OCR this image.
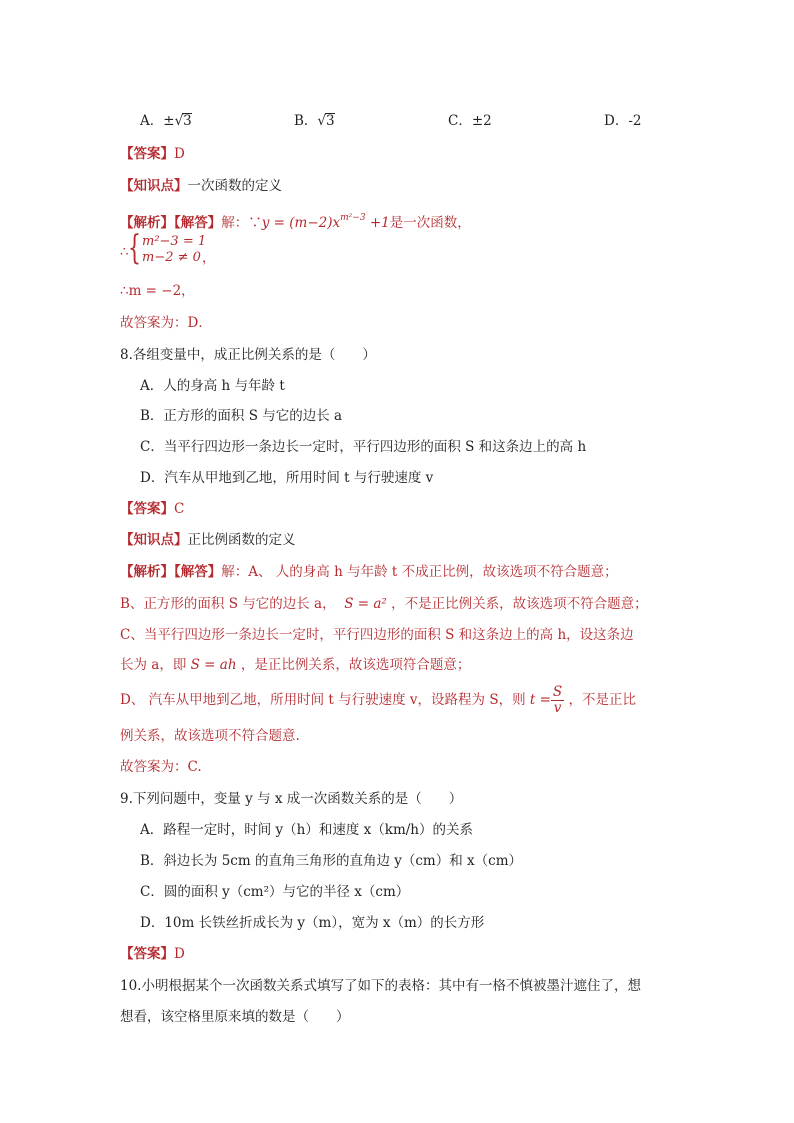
A．±√3	B．√3	C．±2	D．-2
【答案】D
【知识点】一次函数的定义
【解析】【解答】解：∵y = $(m-2)x^{m^2-3} +1$是一次函数，
∴ { m²−3 = 1
m−2 ≠ 0 ，
∴m = −2，
故答案为：D．
8.各组变量中，成正比例关系的是（　　）
A．人的身高 h 与年龄 t
B．正方形的面积 S 与它的边长 a
C．当平行四边形一条边长一定时，平行四边形的面积 S 和这条边上的高 h
D．汽车从甲地到乙地，所用时间 t 与行驶速度 v
【答案】C
【知识点】正比例函数的定义
【解析】【解答】解：A、 人的身高 h 与年龄 t 不成正比例，故该选项不符合题意；
B、正方形的面积 S 与它的边长 a， S = a² ，不是正比例关系，故该选项不符合题意；
C、当平行四边形一条边长一定时，平行四边形的面积 S 和这条边上的高 h，设这条边
长为 a，即 S = ah ，是正比例关系，故该选项符合题意；
D、 汽车从甲地到乙地，所用时间 t 与行驶速度 v，设路程为 S，则 $t = \frac{S}{v}$ ，不是正比
例关系，故该选项不符合题意.
故答案为：C.
9.下列问题中，变量 y 与 x 成一次函数关系的是（　　）
A．路程一定时，时间 y（h）和速度 x（km/h）的关系
B．斜边长为 5cm 的直角三角形的直角边 y（cm）和 x（cm）
C．圆的面积 y（cm²）与它的半径 x（cm）
D．10m 长铁丝折成长为 y（m），宽为 x（m）的长方形
【答案】D
10.小明根据某个一次函数关系式填写了如下的表格：其中有一格不慎被墨汁遮住了，想
想看，该空格里原来填的数是（　　）
